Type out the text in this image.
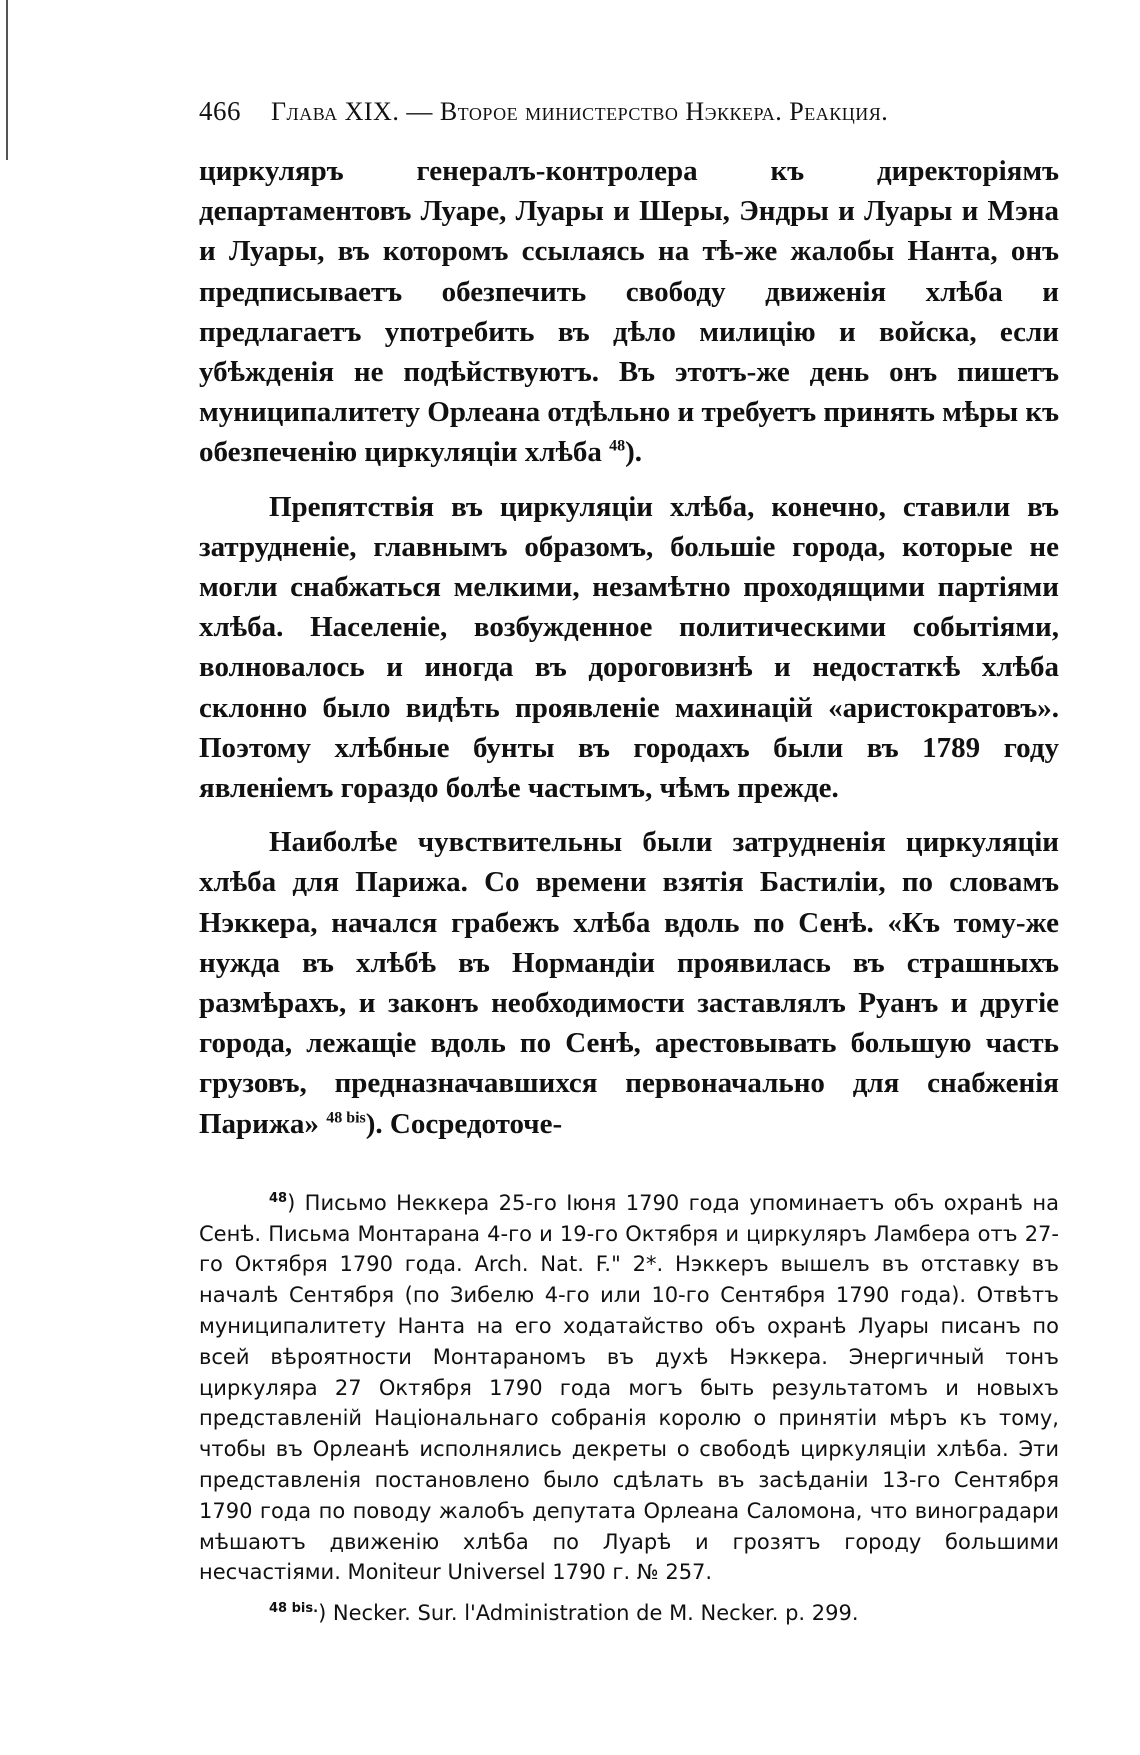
466 Глава XIX. — Второе министерство Нэккера. Реакция.

циркуляръ генералъ-контролера къ директоріямъ департаментовъ Луаре, Луары и Шеры, Эндры и Луары и Мэна и Луары, въ которомъ ссылаясь на тѣ-же жалобы Нанта, онъ предписываетъ обезпечить свободу движенія хлѣба и предлагаетъ употребить въ дѣло милицію и войска, если убѣжденія не подѣйствуютъ. Въ этотъ-же день онъ пишетъ муниципалитету Орлеана отдѣльно и требуетъ принять мѣры къ обезпеченію циркуляціи хлѣба $^{48}$).

Препятствія въ циркуляціи хлѣба, конечно, ставили въ затрудненіе, главнымъ образомъ, большіе города, которые не могли снабжаться мелкими, незамѣтно проходящими партіями хлѣба. Населеніе, возбужденное политическими событіями, волновалось и иногда въ дороговизнѣ и недостаткѣ хлѣба склонно было видѣть проявленіе махинацій «аристократовъ». Поэтому хлѣбные бунты въ городахъ были въ 1789 году явленіемъ гораздо болѣе частымъ, чѣмъ прежде.

Наиболѣе чувствительны были затрудненія циркуляціи хлѣба для Парижа. Со времени взятія Бастиліи, по словамъ Нэккера, начался грабежъ хлѣба вдоль по Сенѣ. «Къ тому-же нужда въ хлѣбѣ въ Нормандіи проявилась въ страшныхъ размѣрахъ, и законъ необходимости заставлялъ Руанъ и другіе города, лежащіе вдоль по Сенѣ, арестовывать большую часть грузовъ, предназначавшихся первоначально для снабженія Парижа» $^{48 bis}$). Сосредоточе-

$^{48}$) Письмо Неккера 25-го Іюня 1790 года упоминаетъ объ охранѣ на Сенѣ. Письма Монтарана 4-го и 19-го Октября и циркуляръ Ламбера отъ 27-го Октября 1790 года. Arch. Nat. F." 2*. Нэккеръ вышелъ въ отставку въ началѣ Сентября (по Зибелю 4-го или 10-го Сентября 1790 года). Отвѣтъ муниципалитету Нанта на его ходатайство объ охранѣ Луары писанъ по всей вѣроятности Монтараномъ въ духѣ Нэккера. Энергичный тонъ циркуляра 27 Октября 1790 года могъ быть результатомъ и новыхъ представленій Національнаго собранія королю о принятіи мѣръ къ тому, чтобы въ Орлеанѣ исполнялись декреты о свободѣ циркуляціи хлѣба. Эти представленія постановлено было сдѣлать въ засѣданіи 13-го Сентября 1790 года по поводу жалобъ депутата Орлеана Саломона, что виноградари мѣшаютъ движенію хлѣба по Луарѣ и грозятъ городу большими несчастіями. Moniteur Universel 1790 г. № 257.

$^{48 bis.}$) Necker. Sur. l'Administration de M. Necker. p. 299.
